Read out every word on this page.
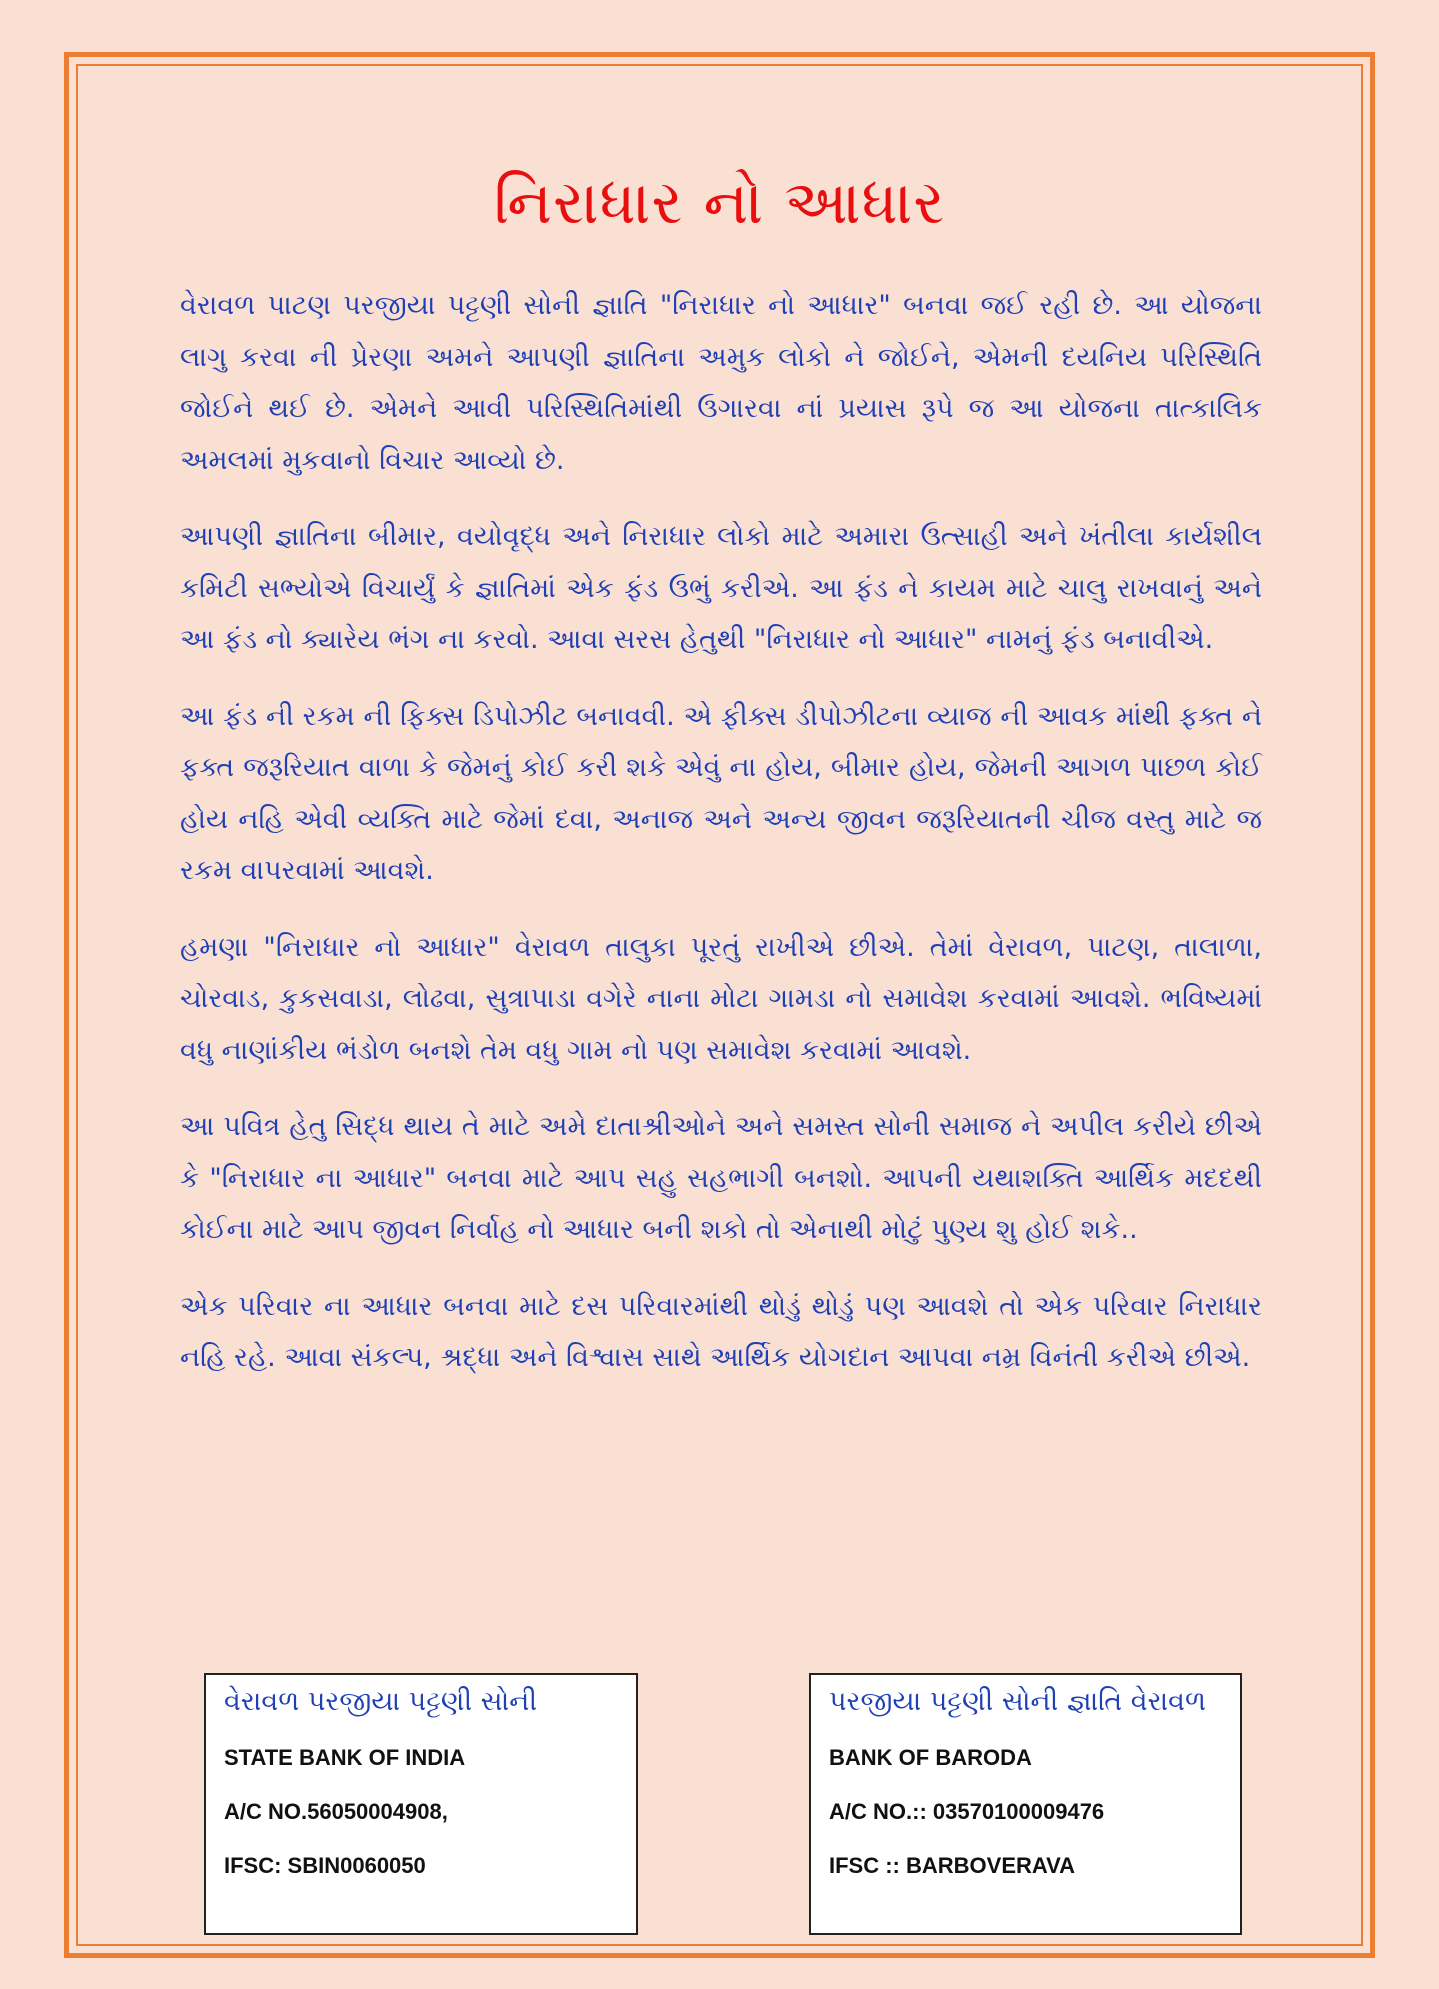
નિરાધાર નો આધાર

વેરાવળ પાટણ પરજીયા પટ્ટણી સોની જ્ઞાતિ "નિરાધાર નો આધાર" બનવા જઈ રહી છે. આ યોજના લાગુ કરવા ની પ્રેરણા અમને આપણી જ્ઞાતિના અમુક લોકો ને જોઈને, એમની દયનિય પરિસ્થિતિ જોઈને થઈ છે. એમને આવી પરિસ્થિતિમાંથી ઉગારવા નાં પ્રયાસ રૂપે જ આ યોજના તાત્કાલિક અમલમાં મુકવાનો વિચાર આવ્યો છે.

આપણી જ્ઞાતિના બીમાર, વયોવૃદ્ધ અને નિરાધાર લોકો માટે અમારા ઉત્સાહી અને ખંતીલા કાર્યશીલ કમિટી સભ્યોએ વિચાર્યું કે જ્ઞાતિમાં એક ફંડ ઉભું કરીએ. આ ફંડ ને કાયમ માટે ચાલુ રાખવાનું અને આ ફંડ નો ક્યારેય ભંગ ના કરવો. આવા સરસ હેતુથી "નિરાધાર નો આધાર" નામનું ફંડ બનાવીએ.

આ ફંડ ની રકમ ની ફિક્સ ડિપોઝીટ બનાવવી. એ ફીક્સ ડીપોઝીટના વ્યાજ ની આવક માંથી ફક્ત ને ફક્ત જરૂરિયાત વાળા કે જેમનું કોઈ કરી શકે એવું ના હોય, બીમાર હોય, જેમની આગળ પાછળ કોઈ હોય નહિ એવી વ્યક્તિ માટે જેમાં દવા, અનાજ અને અન્ય જીવન જરૂરિયાતની ચીજ વસ્તુ માટે જ રકમ વાપરવામાં આવશે.

હમણા "નિરાધાર નો આધાર" વેરાવળ તાલુકા પૂરતું રાખીએ છીએ. તેમાં વેરાવળ, પાટણ, તાલાળા, ચોરવાડ, કુકસવાડા, લોઢવા, સુત્રાપાડા વગેરે નાના મોટા ગામડા નો સમાવેશ કરવામાં આવશે. ભવિષ્યમાં વધુ નાણાંકીય ભંડોળ બનશે તેમ વધુ ગામ નો પણ સમાવેશ કરવામાં આવશે.

આ પવિત્ર હેતુ સિદ્ધ થાય તે માટે અમે દાતાશ્રીઓને અને સમસ્ત સોની સમાજ ને અપીલ કરીયે છીએ કે "નિરાધાર ના આધાર" બનવા માટે આપ સહુ સહભાગી બનશો. આપની યથાશક્તિ આર્થિક મદદથી કોઈના માટે આપ જીવન નિર્વાહ નો આધાર બની શકો તો એનાથી મોટું પુણ્ય શુ હોઈ શકે..

એક પરિવાર ના આધાર બનવા માટે દસ પરિવારમાંથી થોડું થોડું પણ આવશે તો એક પરિવાર નિરાધાર નહિ રહે. આવા સંકલ્પ, શ્રદ્ધા અને વિશ્વાસ સાથે આર્થિક યોગદાન આપવા નમ્ર વિનંતી કરીએ છીએ.

વેરાવળ પરજીયા પટ્ટણી સોની
STATE BANK OF INDIA
A/C NO.56050004908,
IFSC: SBIN0060050
પરજીયા પટ્ટણી સોની જ્ઞાતિ વેરાવળ
BANK OF BARODA
A/C NO.:: 03570100009476
IFSC :: BARBOVERAVA
